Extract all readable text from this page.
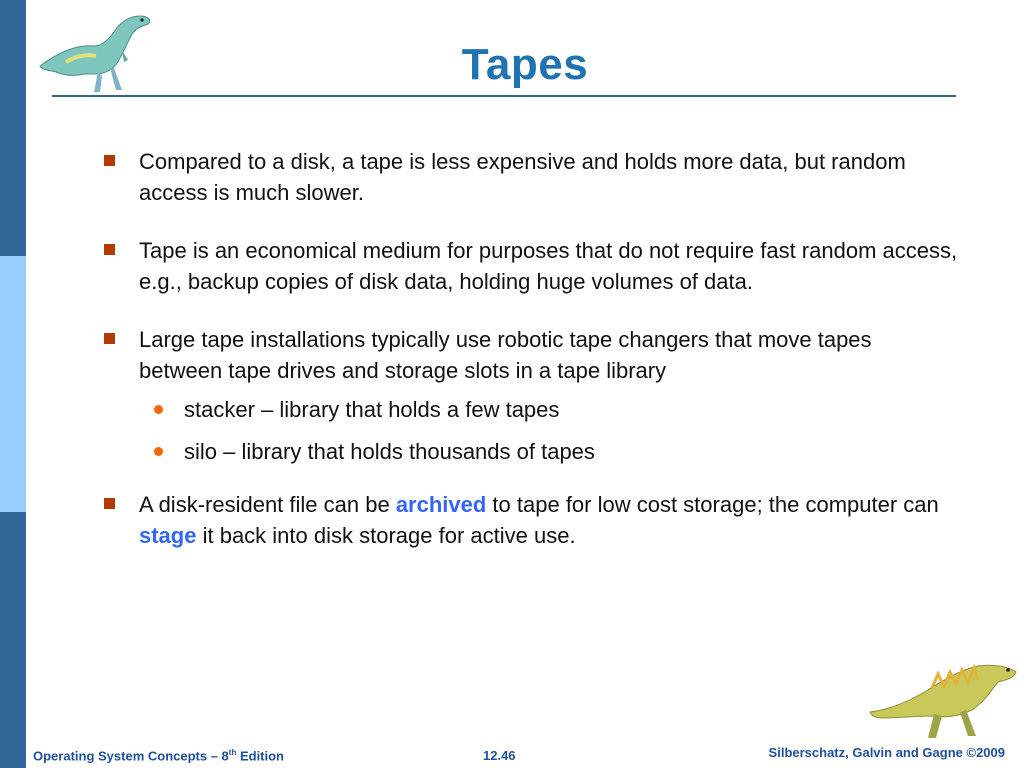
Tapes
Compared to a disk, a tape is less expensive and holds more data, but random access is much slower.
Tape is an economical medium for purposes that do not require fast random access, e.g., backup copies of disk data, holding huge volumes of data.
Large tape installations typically use robotic tape changers that move tapes between tape drives and storage slots in a tape library
stacker – library that holds a few tapes
silo – library that holds thousands of tapes
A disk-resident file can be archived to tape for low cost storage; the computer can stage it back into disk storage for active use.
Operating System Concepts – 8th Edition	12.46	Silberschatz, Galvin and Gagne ©2009
